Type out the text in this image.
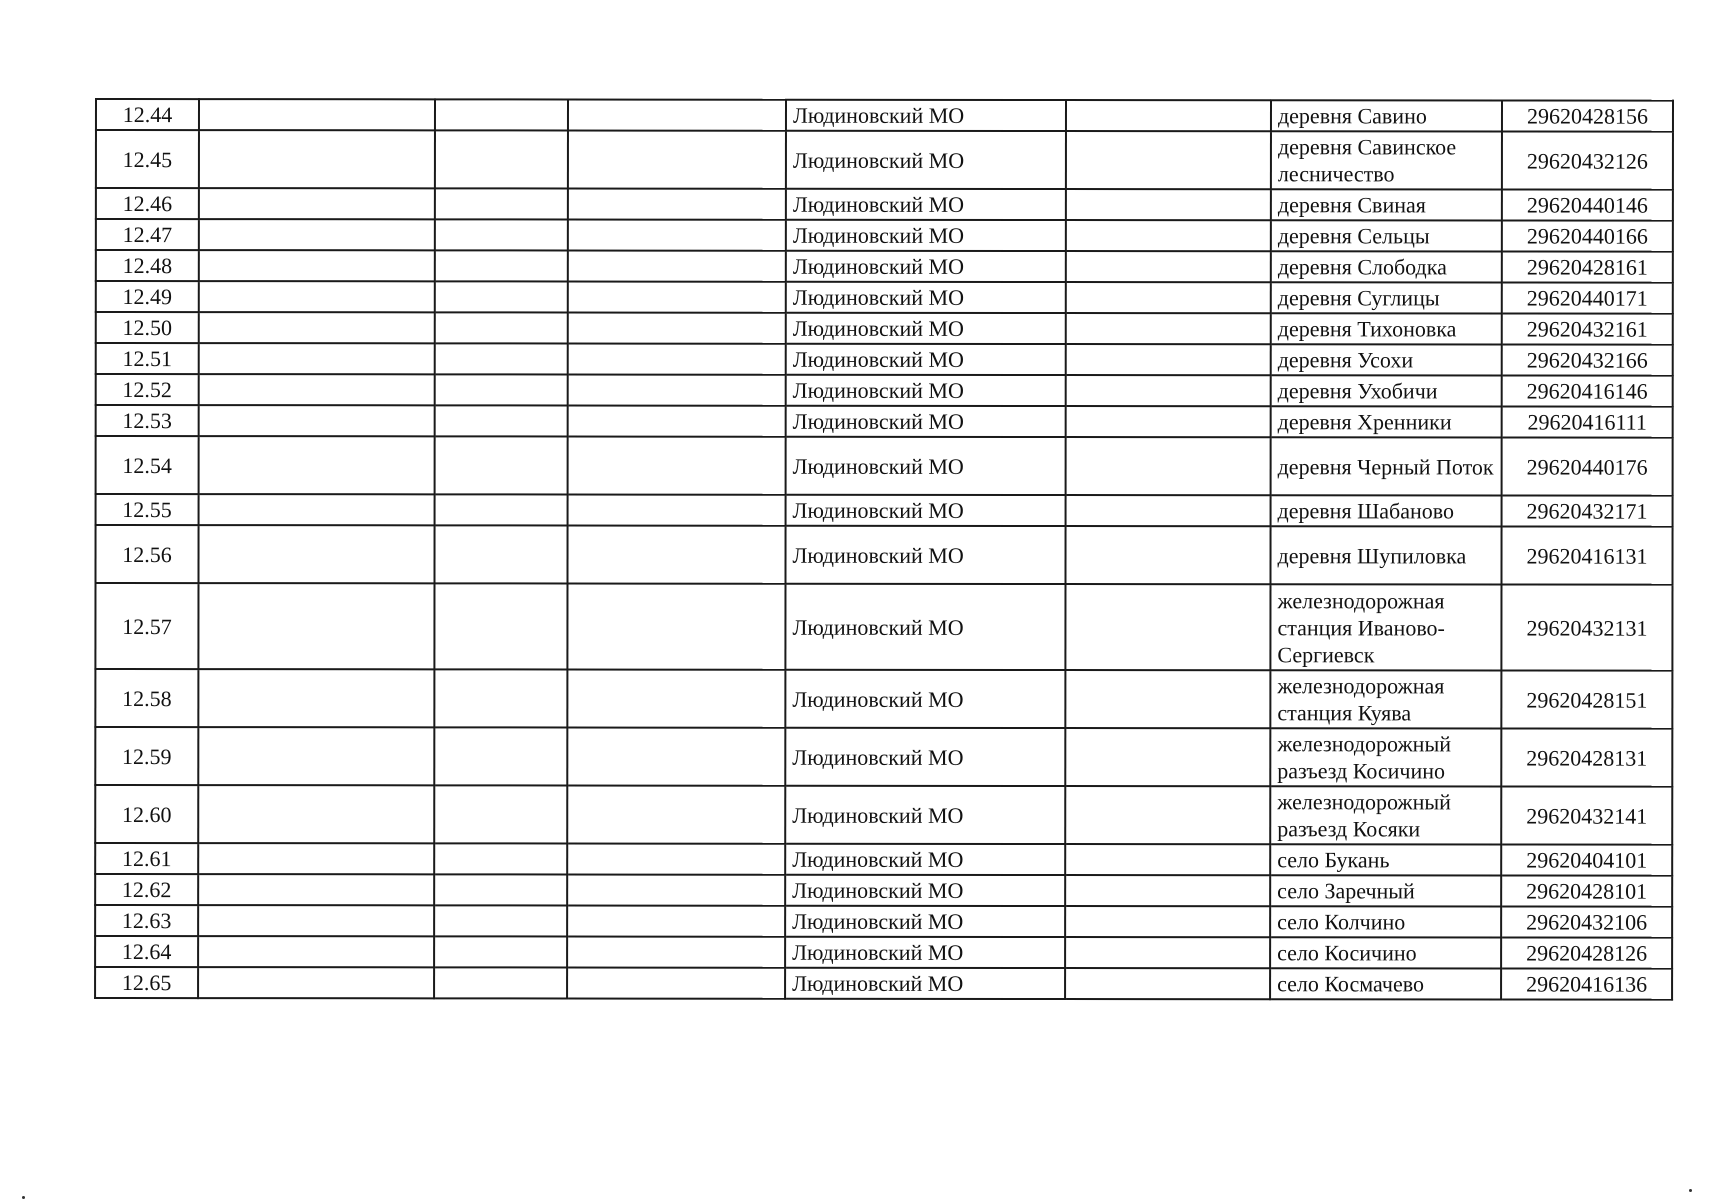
12.44				Людиновский МО		деревня Савино	29620428156
12.45				Людиновский МО		деревня Савинское лесничество	29620432126
12.46				Людиновский МО		деревня Свиная	29620440146
12.47				Людиновский МО		деревня Сельцы	29620440166
12.48				Людиновский МО		деревня Слободка	29620428161
12.49				Людиновский МО		деревня Суглицы	29620440171
12.50				Людиновский МО		деревня Тихоновка	29620432161
12.51				Людиновский МО		деревня Усохи	29620432166
12.52				Людиновский МО		деревня Ухобичи	29620416146
12.53				Людиновский МО		деревня Хренники	29620416111
12.54				Людиновский МО		деревня Черный Поток	29620440176
12.55				Людиновский МО		деревня Шабаново	29620432171
12.56				Людиновский МО		деревня Шупиловка	29620416131
12.57				Людиновский МО		железнодорожная станция Иваново-Сергиевск	29620432131
12.58				Людиновский МО		железнодорожная станция Куява	29620428151
12.59				Людиновский МО		железнодорожный разъезд Косичино	29620428131
12.60				Людиновский МО		железнодорожный разъезд Косяки	29620432141
12.61				Людиновский МО		село Букань	29620404101
12.62				Людиновский МО		село Заречный	29620428101
12.63				Людиновский МО		село Колчино	29620432106
12.64				Людиновский МО		село Косичино	29620428126
12.65				Людиновский МО		село Космачево	29620416136
